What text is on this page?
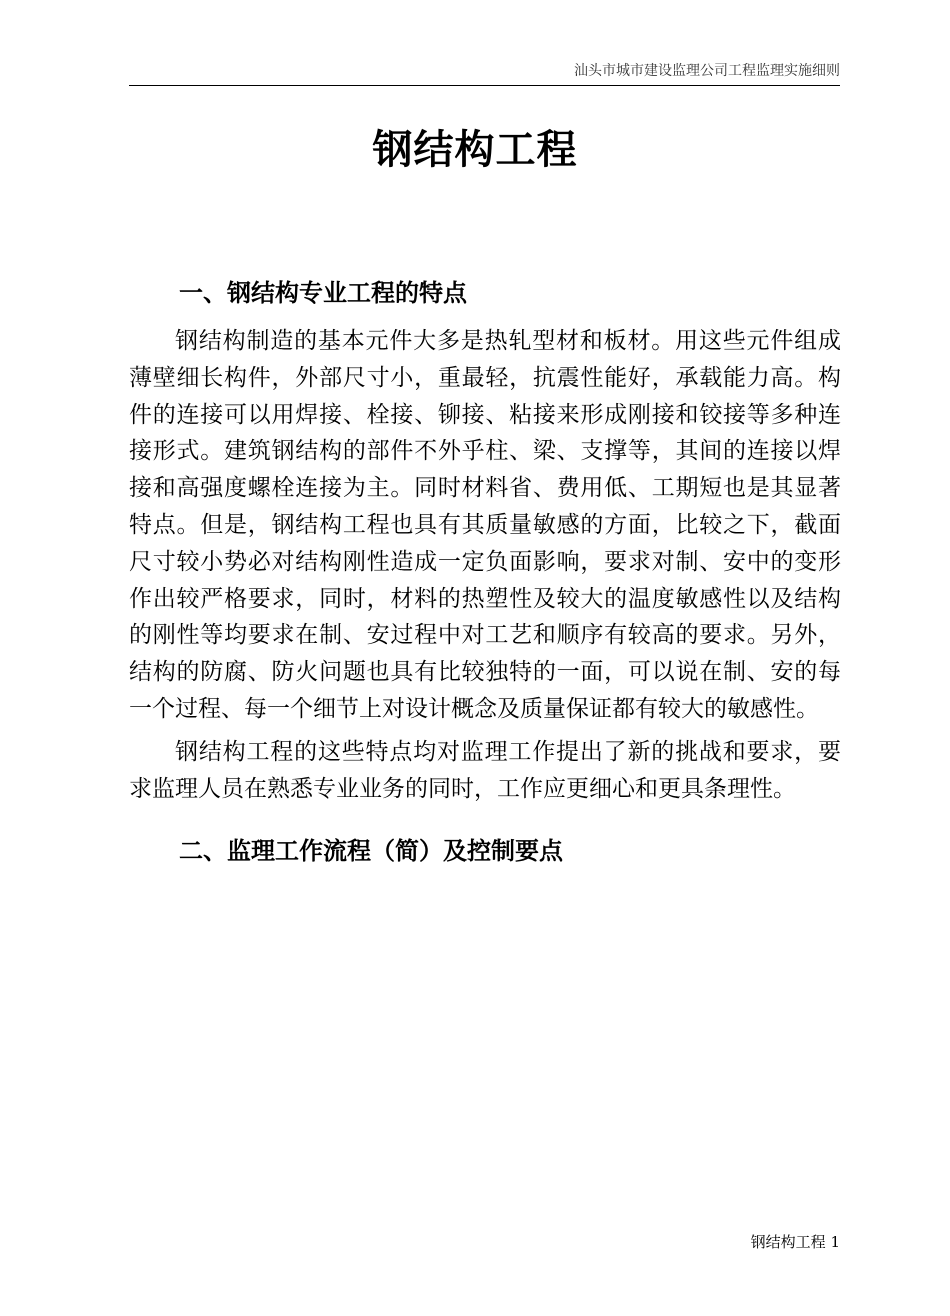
汕头市城市建设监理公司工程监理实施细则
钢结构工程
一、钢结构专业工程的特点

钢结构制造的基本元件大多是热轧型材和板材。用这些元件组成薄壁细长构件，外部尺寸小，重最轻，抗震性能好，承载能力高。构件的连接可以用焊接、栓接、铆接、粘接来形成刚接和铰接等多种连接形式。建筑钢结构的部件不外乎柱、梁、支撑等，其间的连接以焊接和高强度螺栓连接为主。同时材料省、费用低、工期短也是其显著特点。但是，钢结构工程也具有其质量敏感的方面，比较之下，截面尺寸较小势必对结构刚性造成一定负面影响，要求对制、安中的变形作出较严格要求，同时，材料的热塑性及较大的温度敏感性以及结构的刚性等均要求在制、安过程中对工艺和顺序有较高的要求。另外，结构的防腐、防火问题也具有比较独特的一面，可以说在制、安的每一个过程、每一个细节上对设计概念及质量保证都有较大的敏感性。

钢结构工程的这些特点均对监理工作提出了新的挑战和要求，要求监理人员在熟悉专业业务的同时，工作应更细心和更具条理性。

二、监理工作流程（简）及控制要点
钢结构工程 1
